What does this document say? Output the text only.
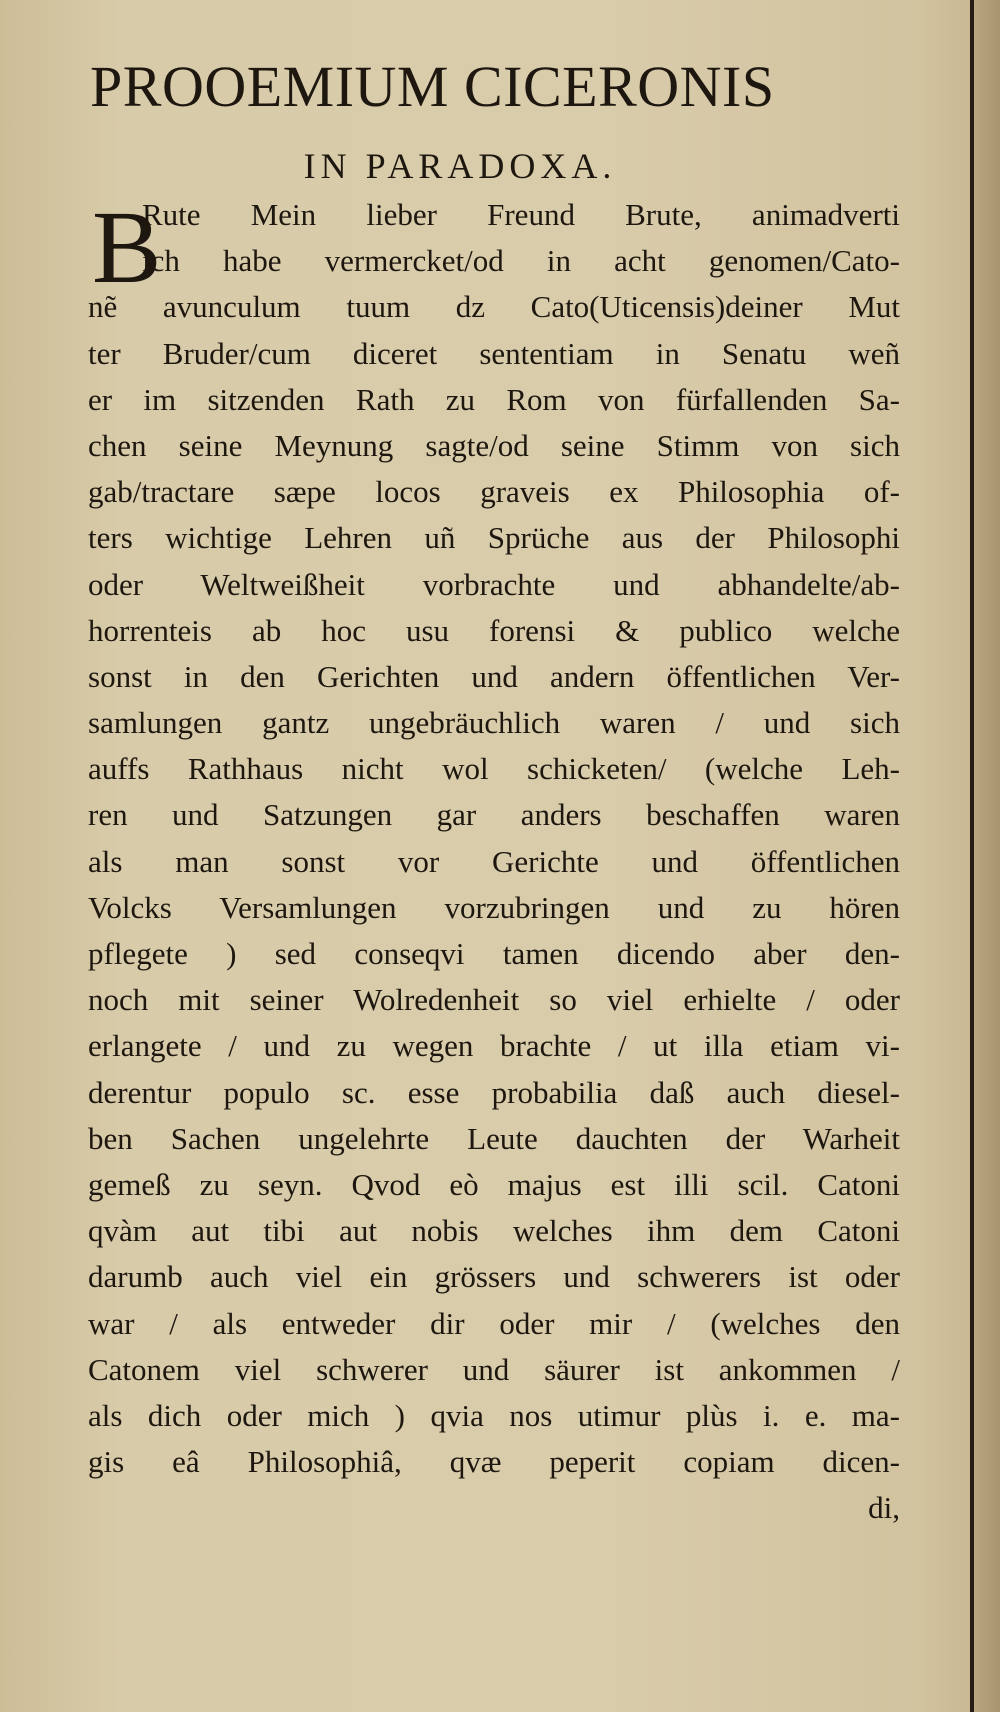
PROOEMIUM CICERONIS
IN PARADOXA.
B
Rute Mein lieber Freund Brute, animadverti
ich habe vermercket/od in acht genomen/Cato-
nẽ avunculum tuum dz Cato(Uticensis)deiner Mut
ter Bruder/cum diceret sententiam in Senatu weñ
er im sitzenden Rath zu Rom von fürfallenden Sa-
chen seine Meynung sagte/od seine Stimm von sich
gab/tractare sæpe locos graveis ex Philosophia of-
ters wichtige Lehren uñ Sprüche aus der Philosophi
oder Weltweißheit vorbrachte und abhandelte/ab-
horrenteis ab hoc usu forensi & publico welche
sonst in den Gerichten und andern öffentlichen Ver-
samlungen gantz ungebräuchlich waren / und sich
auffs Rathhaus nicht wol schicketen/ (welche Leh-
ren und Satzungen gar anders beschaffen waren
als man sonst vor Gerichte und öffentlichen
Volcks Versamlungen vorzubringen und zu hören
pflegete ) sed conseqvi tamen dicendo aber den-
noch mit seiner Wolredenheit so viel erhielte / oder
erlangete / und zu wegen brachte / ut illa etiam vi-
derentur populo sc. esse probabilia daß auch diesel-
ben Sachen ungelehrte Leute dauchten der Warheit
gemeß zu seyn. Qvod eò majus est illi scil. Catoni
qvàm aut tibi aut nobis welches ihm dem Catoni
darumb auch viel ein grössers und schwerers ist oder
war / als entweder dir oder mir / (welches den
Catonem viel schwerer und säurer ist ankommen /
als dich oder mich ) qvia nos utimur plùs i. e. ma-
gis eâ Philosophiâ, qvæ peperit copiam dicen-
di,
